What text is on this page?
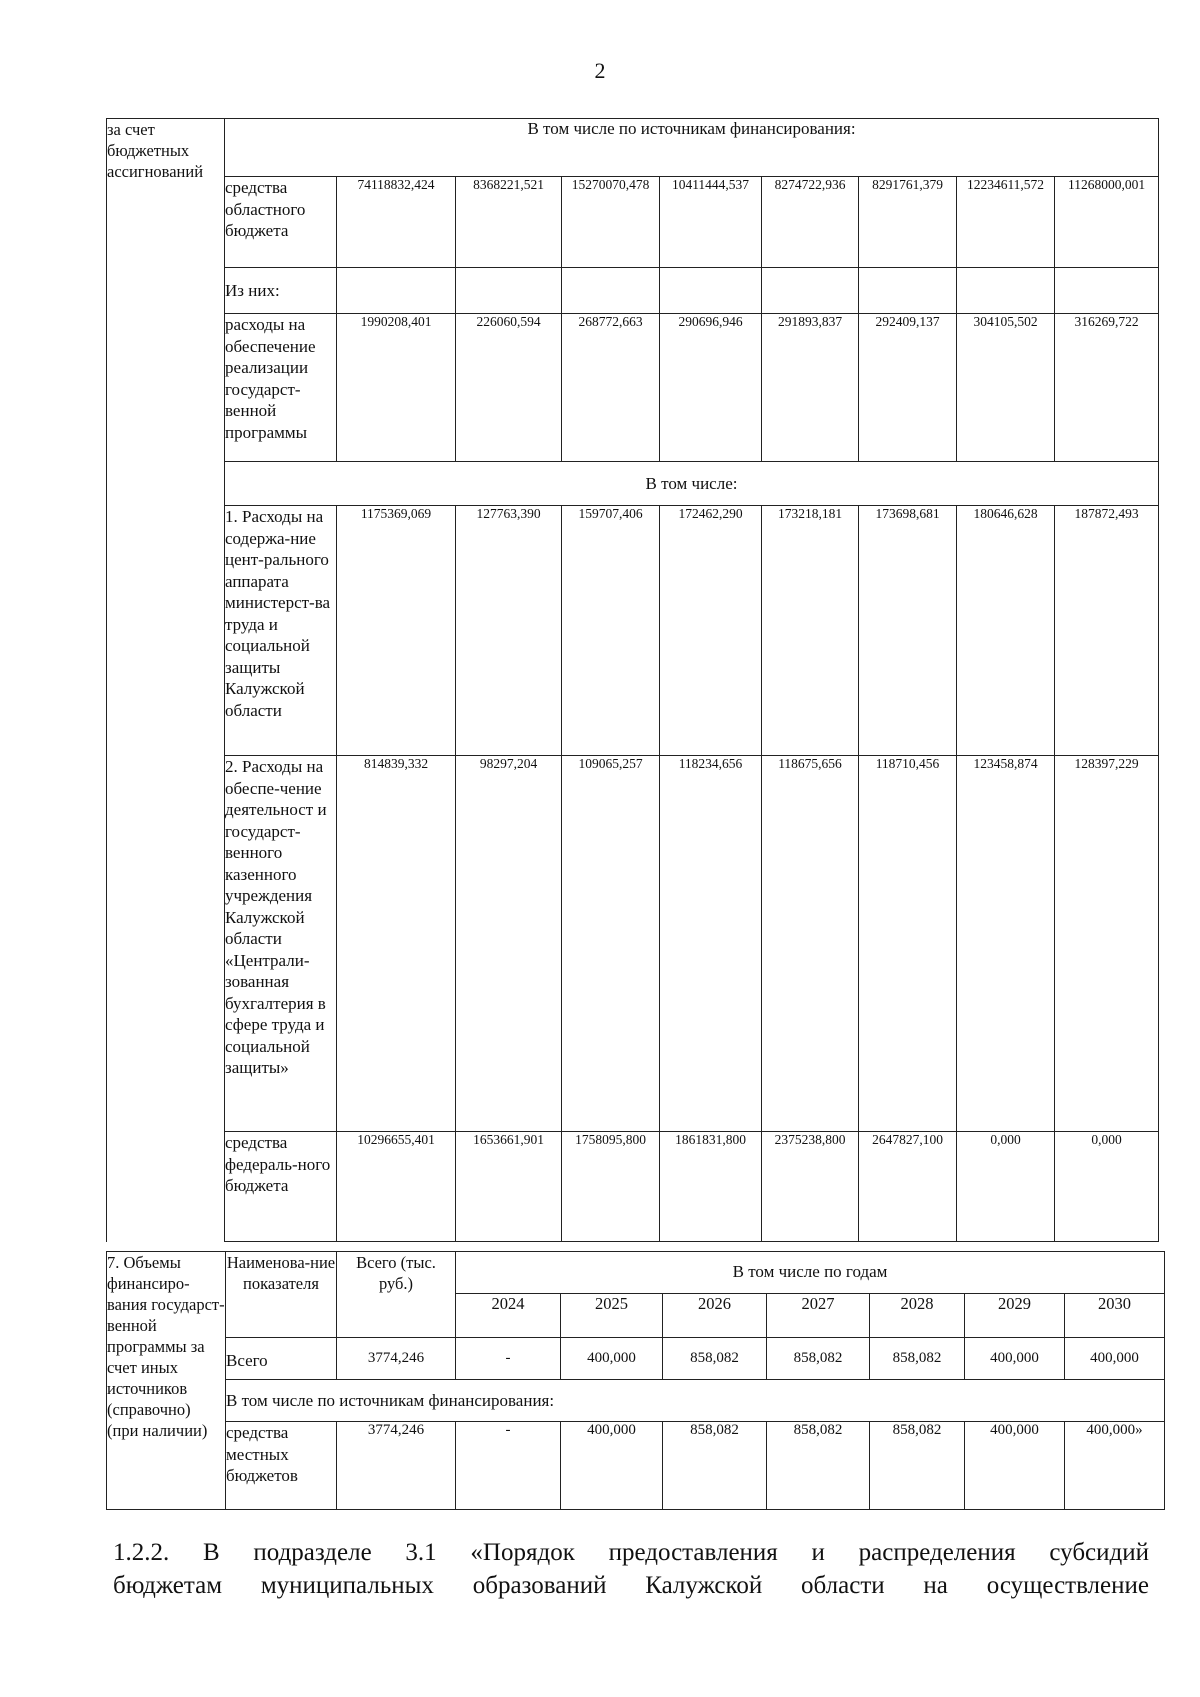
2
за счет бюджетных ассигнований	В том числе по источникам финансирования:								
	средства областного бюджета	74118832,424	8368221,521	15270070,478	10411444,537	8274722,936	8291761,379	12234611,572	11268000,001
	Из них:								
	расходы на обеспечение реализации государст-венной программы	1990208,401	226060,594	268772,663	290696,946	291893,837	292409,137	304105,502	316269,722
	В том числе:								
	1. Расходы на содержа-ние цент-рального аппарата министерст-ва труда и социальной защиты Калужской области	1175369,069	127763,390	159707,406	172462,290	173218,181	173698,681	180646,628	187872,493
	2. Расходы на обеспе-чение деятельност и государст-венного казенного учреждения Калужской области «Централи-зованная бухгалтерия в сфере труда и социальной защиты»	814839,332	98297,204	109065,257	118234,656	118675,656	118710,456	123458,874	128397,229
	средства федераль-ного бюджета	10296655,401	1653661,901	1758095,800	1861831,800	2375238,800	2647827,100	0,000	0,000
7. Объемы финансиро-вания государст-венной программы за счет иных источников (справочно) (при наличии)	Наименова-ние показателя	Всего (тыс. руб.)	В том числе по годам						
			2024	2025	2026	2027	2028	2029	2030
	Всего	3774,246	-	400,000	858,082	858,082	858,082	400,000	400,000
	В том числе по источникам финансирования:								
	средства местных бюджетов	3774,246	-	400,000	858,082	858,082	858,082	400,000	400,000»
1.2.2. В подразделе 3.1 «Порядок предоставления и распределения субсидий
бюджетам муниципальных образований Калужской области на осуществление
